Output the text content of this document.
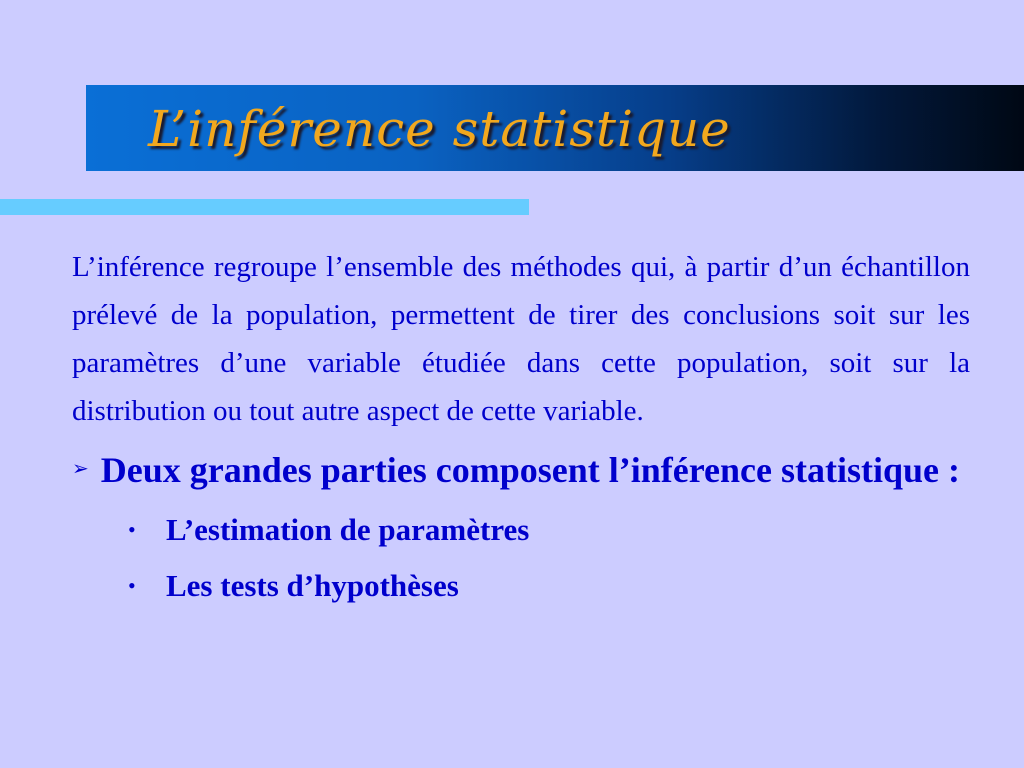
L’inférence statistique

L’inférence regroupe l’ensemble des méthodes qui, à partir d’un échantillon prélevé de la population, permettent de tirer des conclusions soit sur les paramètres d’une variable étudiée dans cette population, soit sur la distribution ou tout autre aspect de cette variable.

➢ Deux grandes parties composent l’inférence statistique :

• L’estimation de paramètres
• Les tests d’hypothèses
